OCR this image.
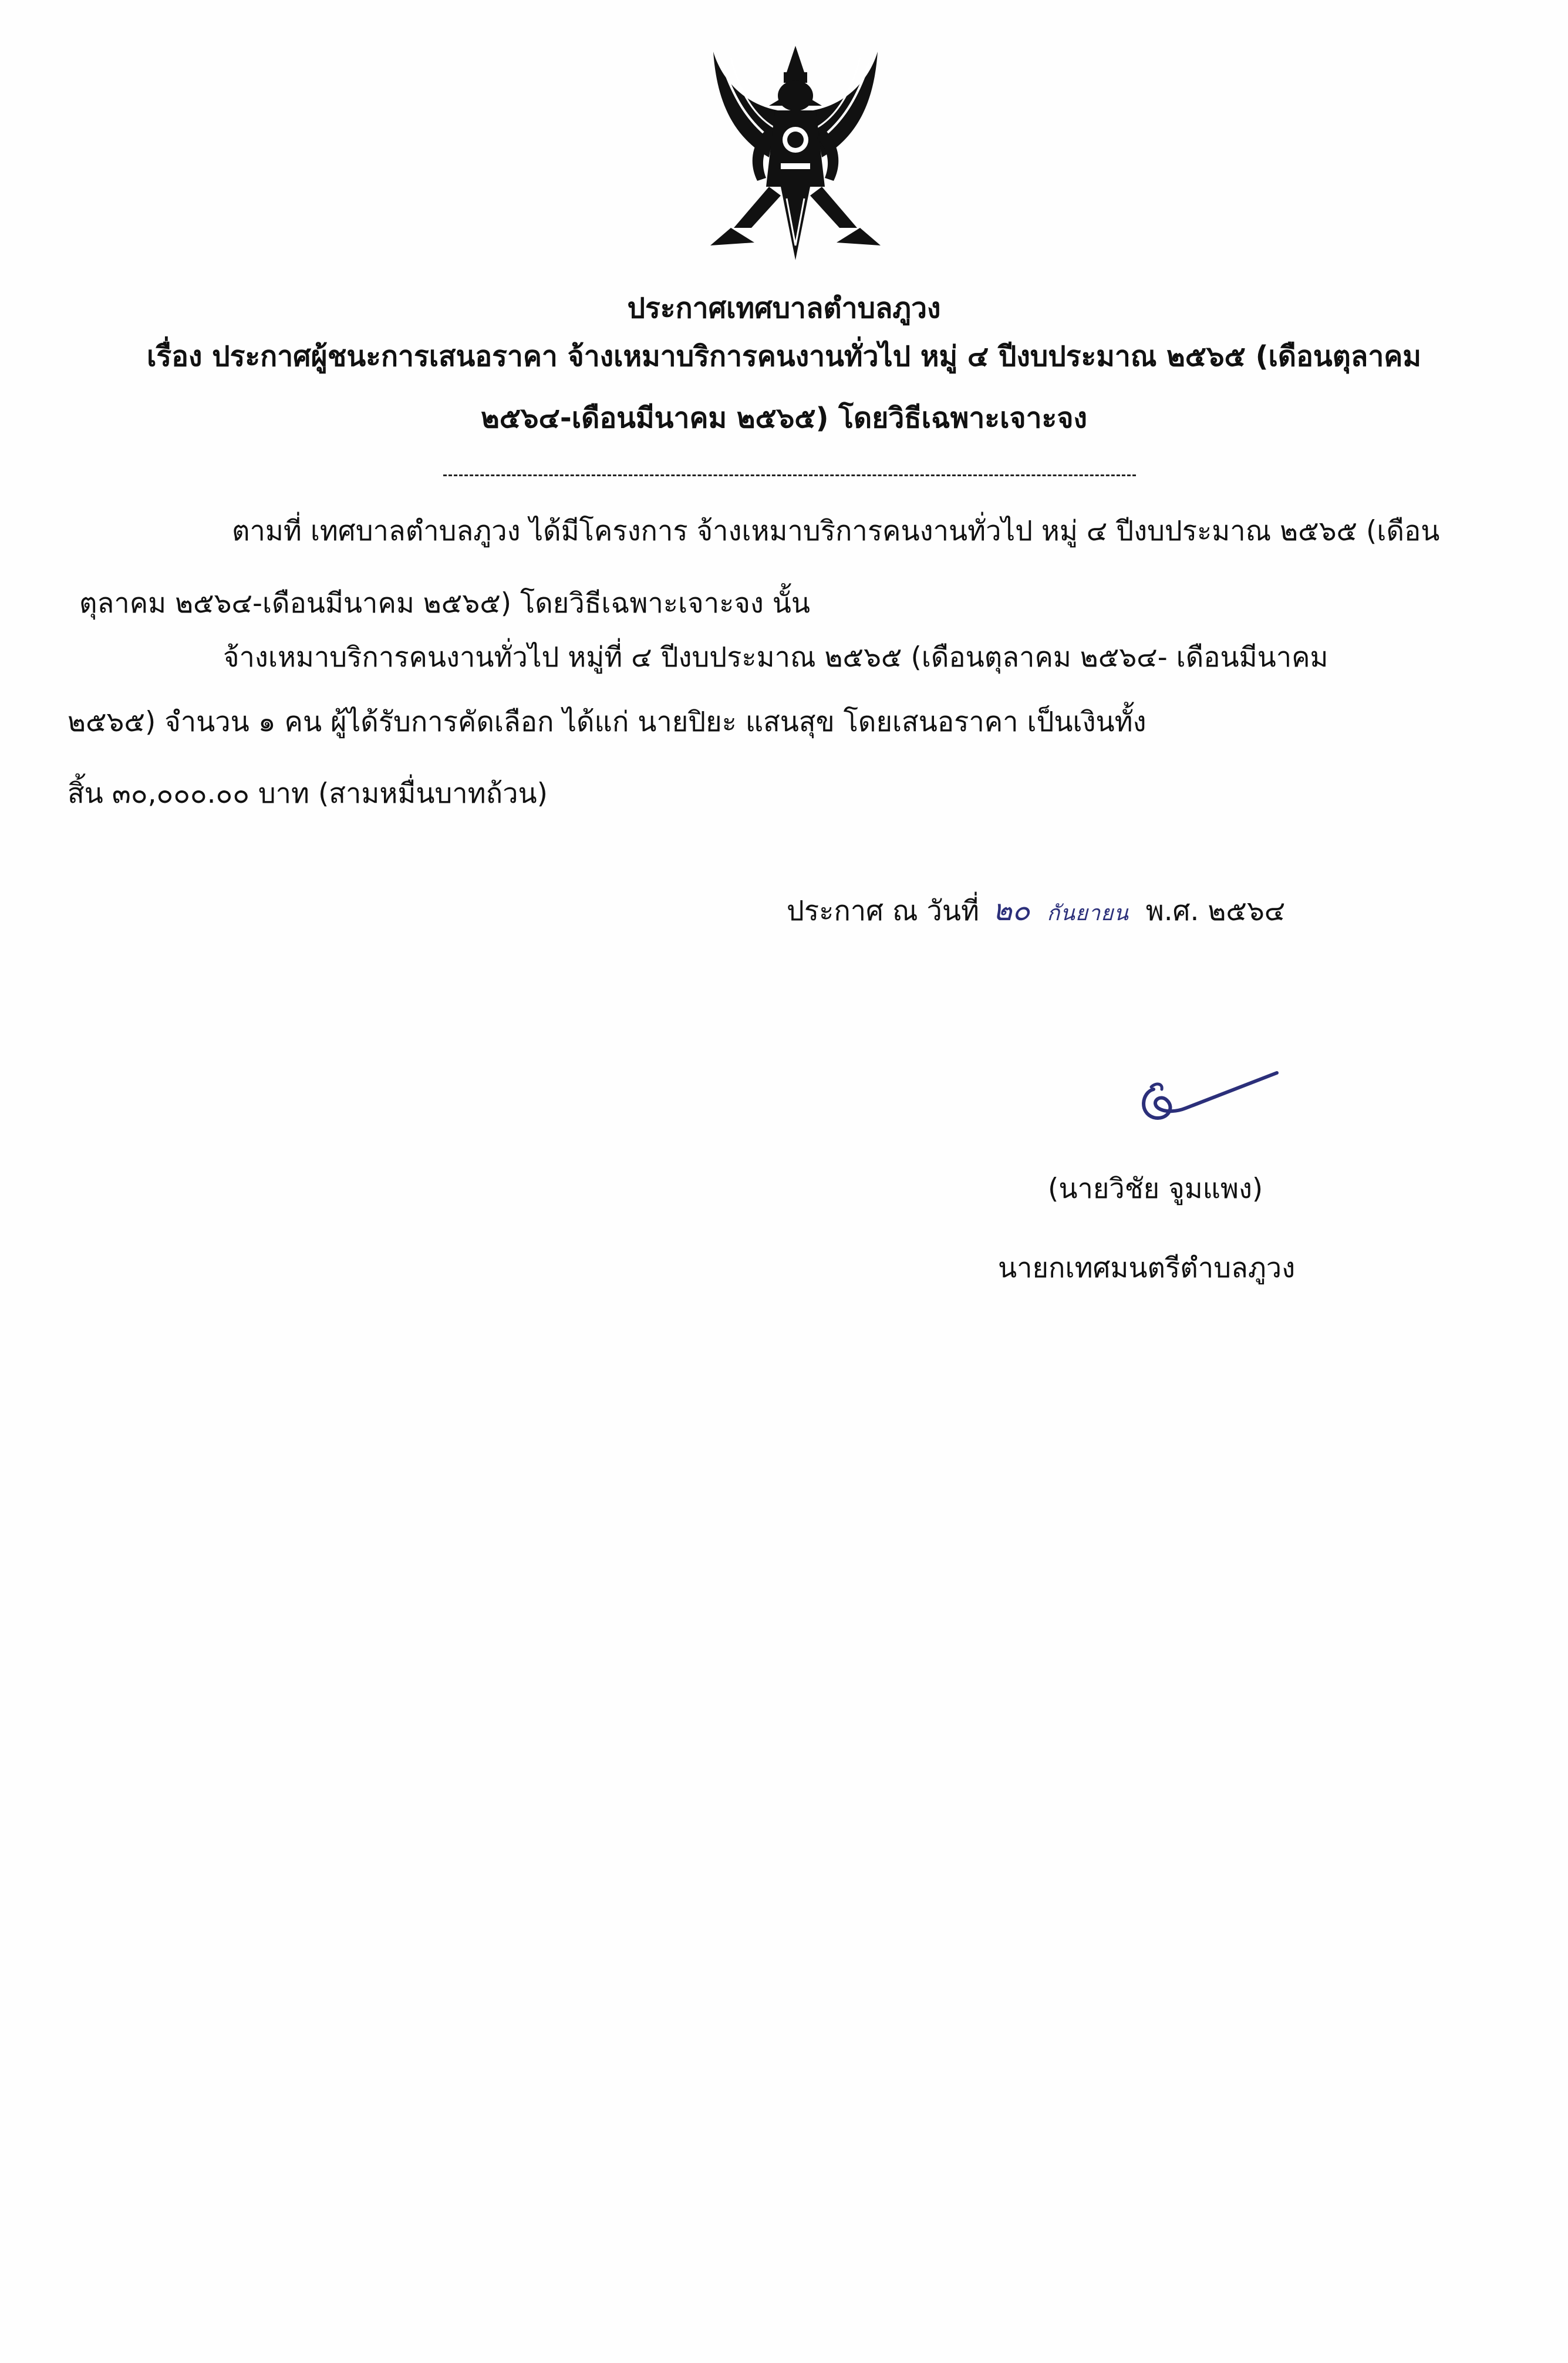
ประกาศเทศบาลตำบลภูวง
เรื่อง ประกาศผู้ชนะการเสนอราคา จ้างเหมาบริการคนงานทั่วไป หมู่ ๔ ปีงบประมาณ ๒๕๖๕ (เดือนตุลาคม
๒๕๖๔-เดือนมีนาคม ๒๕๖๕) โดยวิธีเฉพาะเจาะจง
ตามที่ เทศบาลตำบลภูวง ได้มีโครงการ จ้างเหมาบริการคนงานทั่วไป หมู่ ๔ ปีงบประมาณ ๒๕๖๕ (เดือน
ตุลาคม ๒๕๖๔-เดือนมีนาคม ๒๕๖๕) โดยวิธีเฉพาะเจาะจง นั้น
จ้างเหมาบริการคนงานทั่วไป หมู่ที่ ๔ ปีงบประมาณ ๒๕๖๕ (เดือนตุลาคม ๒๕๖๔- เดือนมีนาคม
๒๕๖๕) จำนวน ๑ คน ผู้ได้รับการคัดเลือก ได้แก่ นายปิยะ แสนสุข โดยเสนอราคา เป็นเงินทั้ง
สิ้น ๓๐,๐๐๐.๐๐ บาท (สามหมื่นบาทถ้วน)
ประกาศ ณ วันที่ ๒๐ กันยายน พ.ศ. ๒๕๖๔
(นายวิชัย จูมแพง)
นายกเทศมนตรีตำบลภูวง
